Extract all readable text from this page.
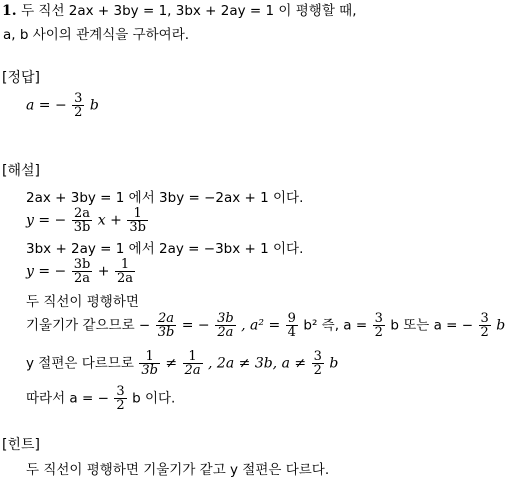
1. 두 직선 2ax + 3by = 1, 3bx + 2ay = 1 이 평행할 때,
a, b 사이의 관계식을 구하여라.
[정답]
a = − $\frac{3}{2}$ b
[해설]
2ax + 3by = 1 에서 3by = −2ax + 1 이다.
y = − $\frac{2a}{3b}$ $x + \frac{1}{3b}$
3bx + 2ay = 1 에서 2ay = −3bx + 1 이다.
y = − $\frac{3b}{2a} + \frac{1}{2a}$
두 직선이 평행하면
기울기가 같으므로 − $\frac{2a}{3b}$ = − $\frac{3b}{2a}$ , $a^2 = \frac{9}{4} b^2$ 즉, $a = \frac{3}{2}$ b 또는 a = − $\frac{3}{2}$ b
y 절편은 다르므로 $\frac{1}{3b} \ne \frac{1}{2a}$ , 2a ≠ 3b, $a \ne \frac{3}{2}$ b
따라서 a = − $\frac{3}{2}$ b 이다.
[힌트]
두 직선이 평행하면 기울기가 같고 y 절편은 다르다.
